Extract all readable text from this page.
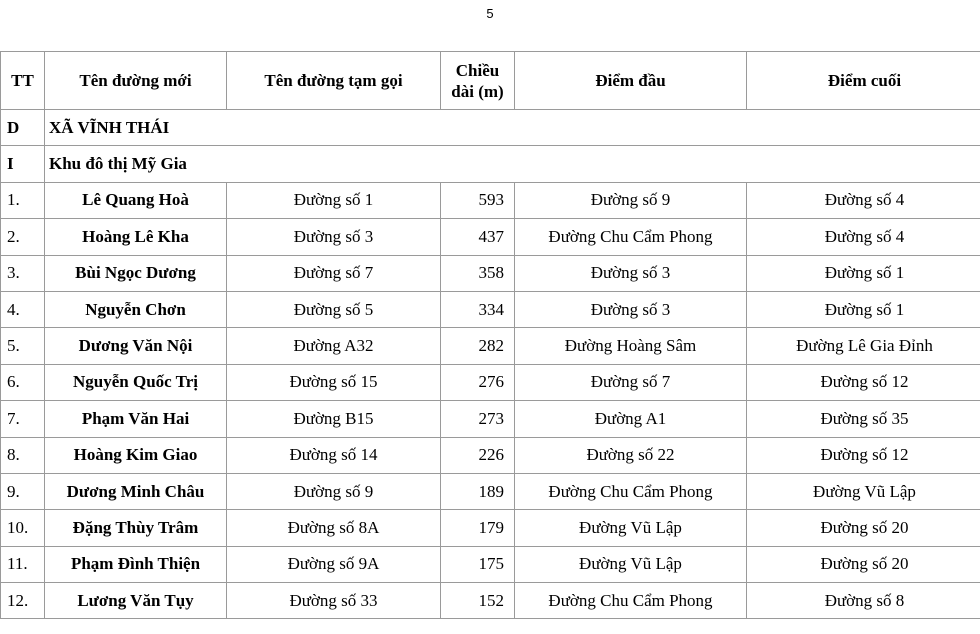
5
TT	Tên đường mới	Tên đường tạm gọi	Chiều
dài (m)	Điểm đầu	Điểm cuối
D	XÃ VĨNH THÁI				
I	Khu đô thị Mỹ Gia				
1.	Lê Quang Hoà	Đường số 1	593	Đường số 9	Đường số 4
2.	Hoàng Lê Kha	Đường số 3	437	Đường Chu Cẩm Phong	Đường số 4
3.	Bùi Ngọc Dương	Đường số 7	358	Đường số 3	Đường số 1
4.	Nguyễn Chơn	Đường số 5	334	Đường số 3	Đường số 1
5.	Dương Văn Nội	Đường A32	282	Đường Hoàng Sâm	Đường Lê Gia Đỉnh
6.	Nguyễn Quốc Trị	Đường số 15	276	Đường số 7	Đường số 12
7.	Phạm Văn Hai	Đường B15	273	Đường A1	Đường số 35
8.	Hoàng Kim Giao	Đường số 14	226	Đường số 22	Đường số 12
9.	Dương Minh Châu	Đường số 9	189	Đường Chu Cẩm Phong	Đường Vũ Lập
10.	Đặng Thùy Trâm	Đường số 8A	179	Đường Vũ Lập	Đường số 20
11.	Phạm Đình Thiện	Đường số 9A	175	Đường Vũ Lập	Đường số 20
12.	Lương Văn Tụy	Đường số 33	152	Đường Chu Cẩm Phong	Đường số 8
